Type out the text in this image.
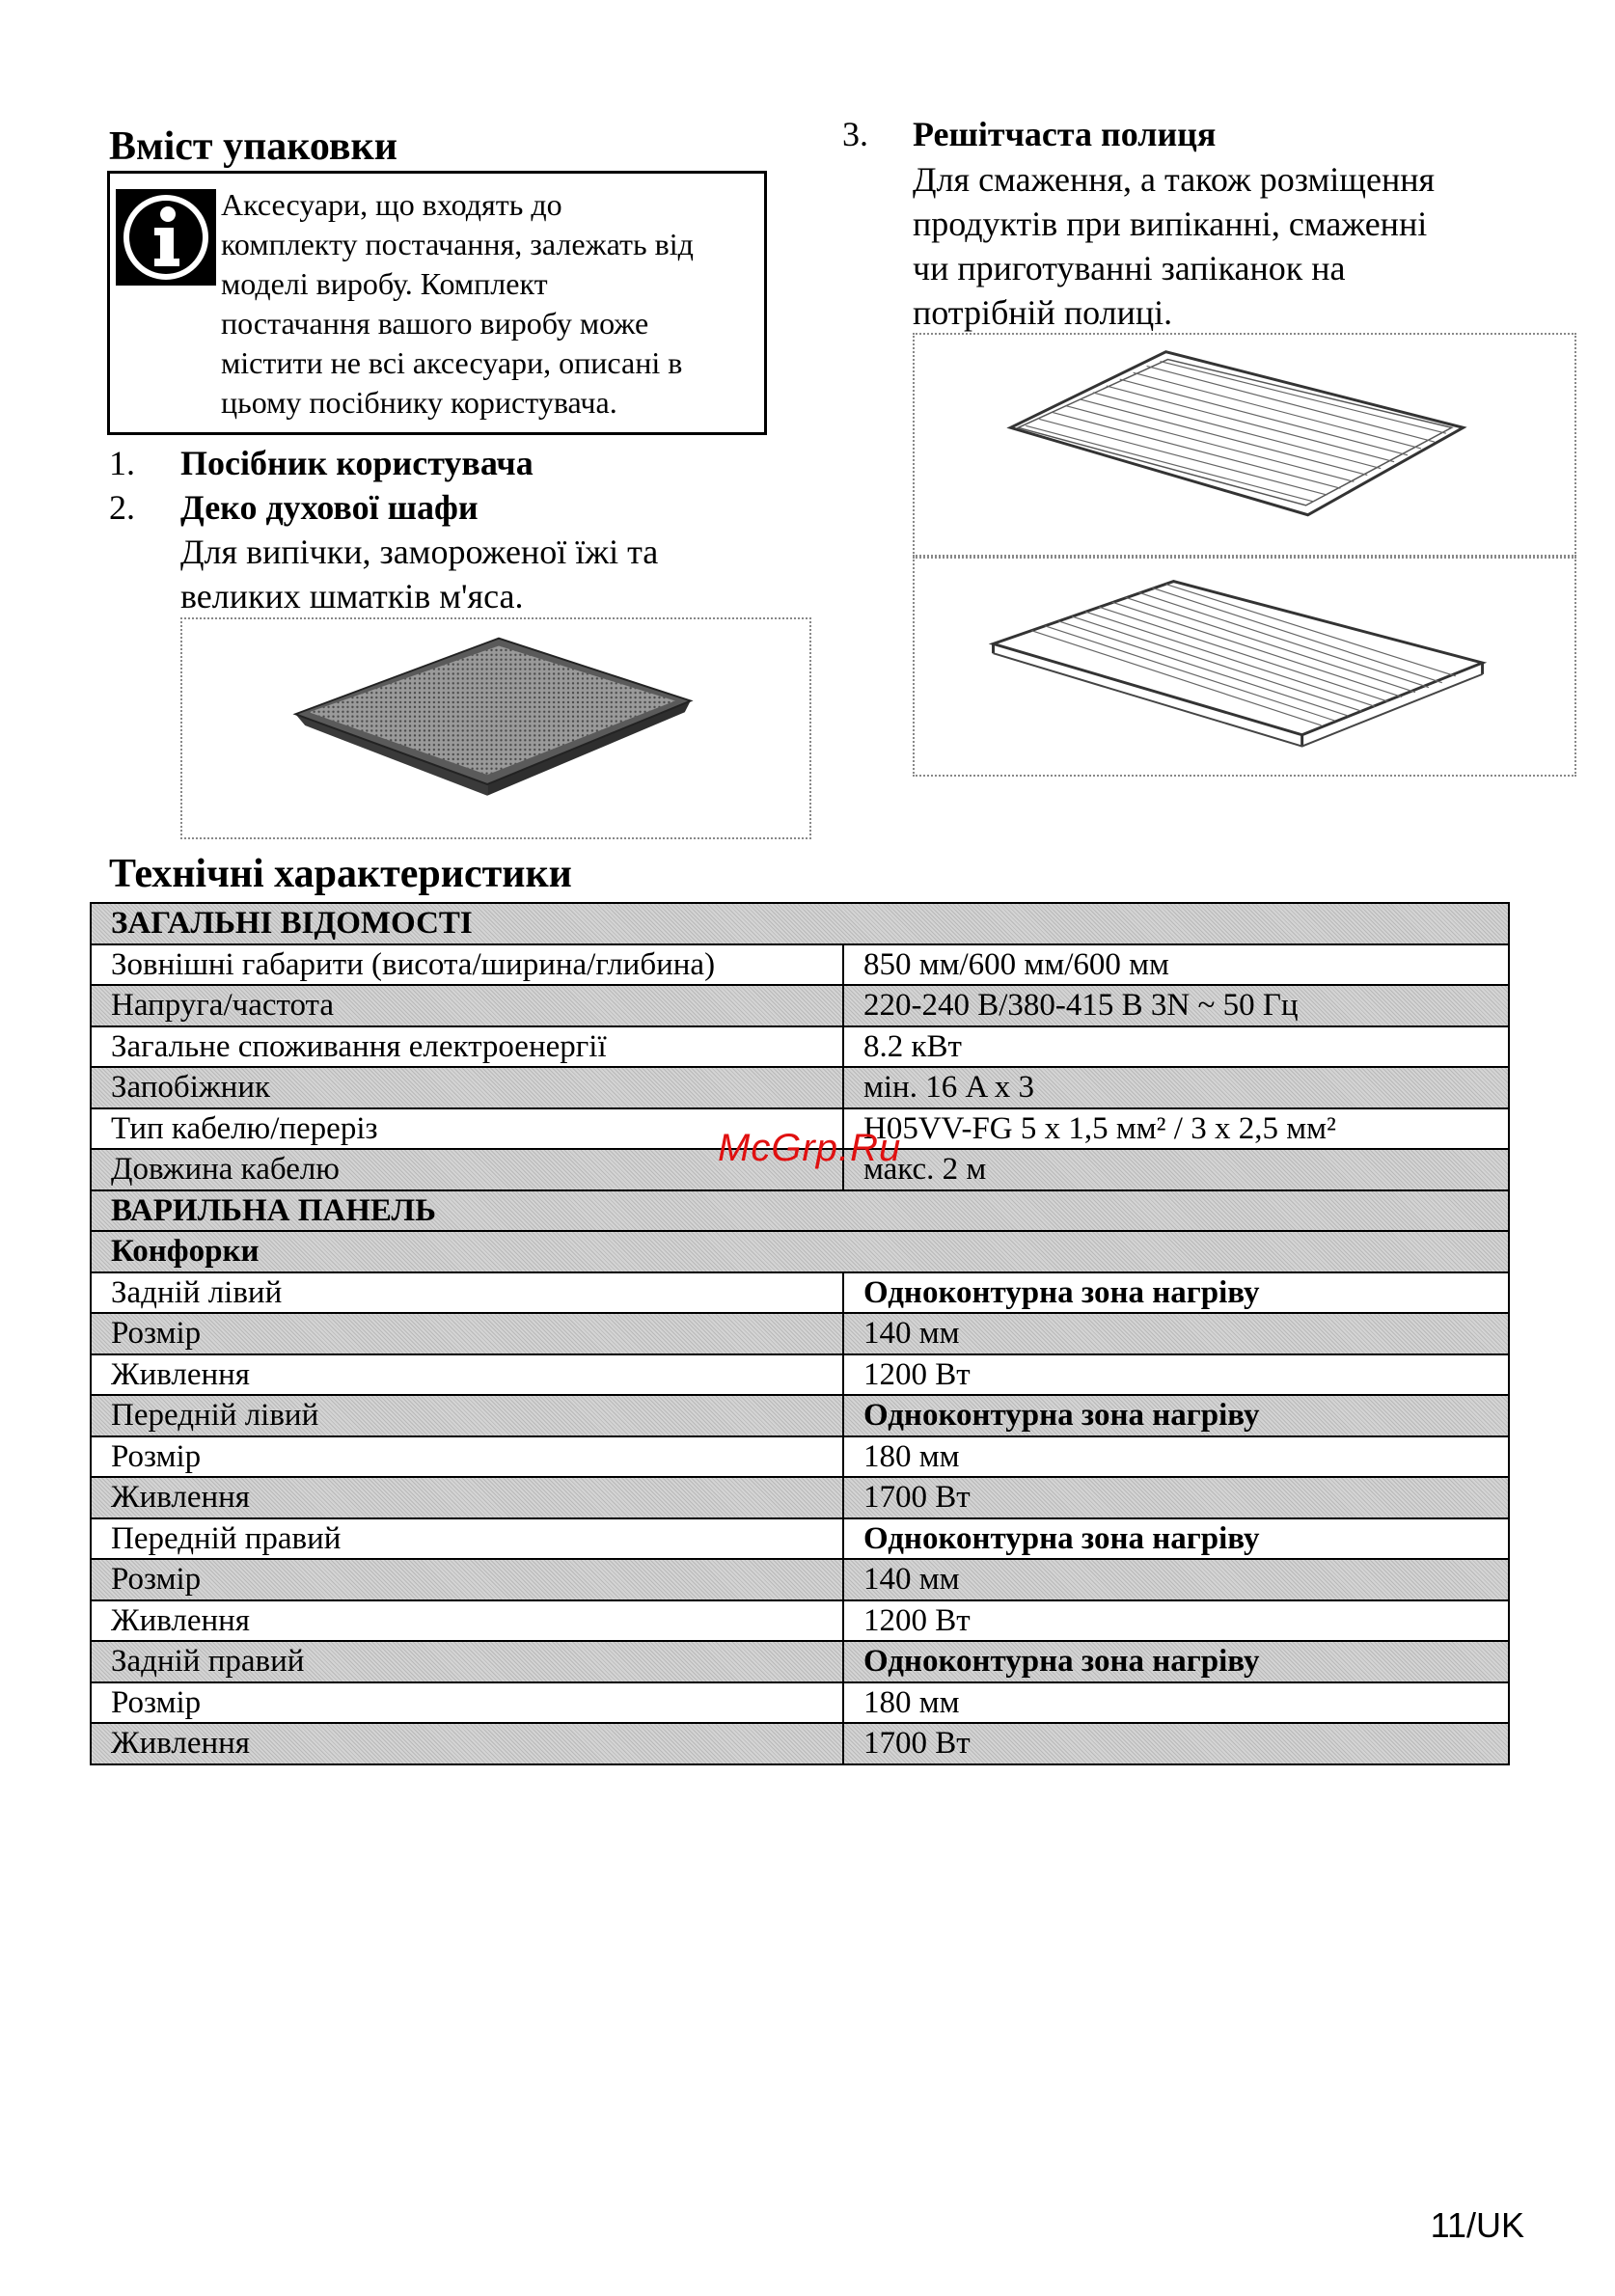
Вміст упаковки
Аксесуари, що входять до
комплекту постачання, залежать від
моделі виробу. Комплект
постачання вашого виробу може
містити не всі аксесуари, описані в
цьому посібнику користувача.
1. Посібник користувача
2. Деко духової шафи
Для випічки, замороженої їжі та
великих шматків м'яса.
3. Решітчаста полиця
Для смаження, а також розміщення
продуктів при випіканні, смаженні
чи приготуванні запіканок на
потрібній полиці.
Технічні характеристики
ЗАГАЛЬНІ ВІДОМОСТІ	
Зовнішні габарити (висота/ширина/глибина)	850 мм/600 мм/600 мм
Напруга/частота	220-240 В/380-415 В 3N ~ 50 Гц
Загальне споживання електроенергії	8.2 кВт
Запобіжник	мін. 16 A x 3
Тип кабелю/переріз	H05VV-FG 5 x 1,5 мм² / 3 x 2,5 мм²
Довжина кабелю	макс. 2 м
ВАРИЛЬНА ПАНЕЛЬ	
Конфорки	
Задній лівий	Одноконтурна зона нагріву
Розмір	140 мм
Живлення	1200 Вт
Передній лівий	Одноконтурна зона нагріву
Розмір	180 мм
Живлення	1700 Вт
Передній правий	Одноконтурна зона нагріву
Розмір	140 мм
Живлення	1200 Вт
Задній правий	Одноконтурна зона нагріву
Розмір	180 мм
Живлення	1700 Вт
McGrp.Ru
11/UK
